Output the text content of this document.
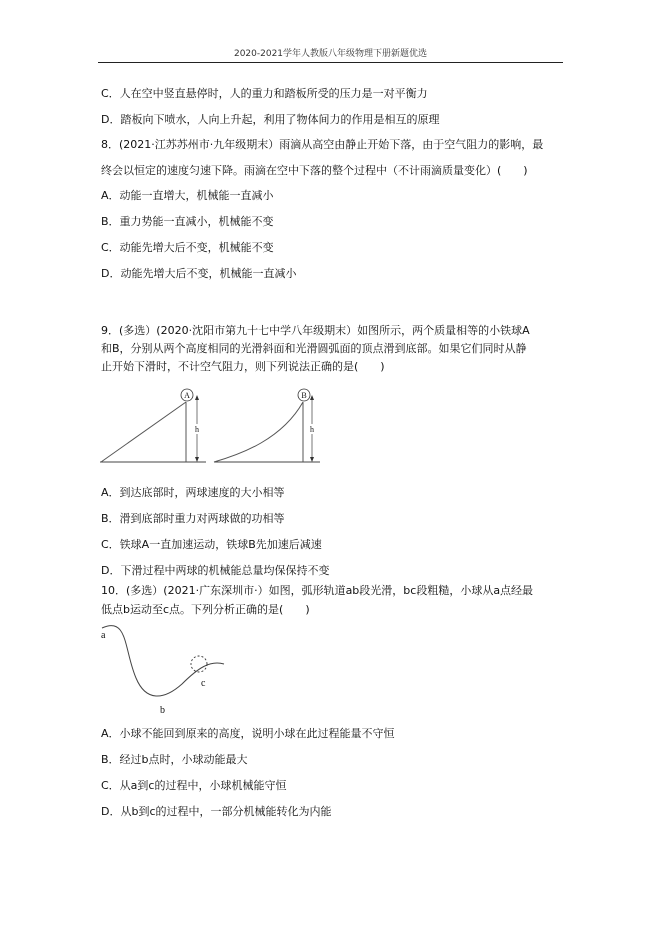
2020-2021学年人教版八年级物理下册新题优选
C．人在空中竖直悬停时，人的重力和踏板所受的压力是一对平衡力
D．踏板向下喷水，人向上升起，利用了物体间力的作用是相互的原理
8．(2021·江苏苏州市·九年级期末）雨滴从高空由静止开始下落，由于空气阻力的影响，最
终会以恒定的速度匀速下降。雨滴在空中下落的整个过程中（不计雨滴质量变化）(　　)
A．动能一直增大，机械能一直减小
B．重力势能一直减小，机械能不变
C．动能先增大后不变，机械能不变
D．动能先增大后不变，机械能一直减小
9．(多选）(2020·沈阳市第九十七中学八年级期末）如图所示，两个质量相等的小铁球A
和B，分别从两个高度相同的光滑斜面和光滑圆弧面的顶点滑到底部。如果它们同时从静
止开始下滑时，不计空气阻力，则下列说法正确的是(　　)
A
h
B
h
A．到达底部时，两球速度的大小相等
B．滑到底部时重力对两球做的功相等
C．铁球A一直加速运动，铁球B先加速后减速
D．下滑过程中两球的机械能总量均保保持不变
10．(多选）(2021·广东深圳市·）如图，弧形轨道ab段光滑，bc段粗糙，小球从a点经最
低点b运动至c点。下列分析正确的是(　　)
a
b
c
A．小球不能回到原来的高度，说明小球在此过程能量不守恒
B．经过b点时，小球动能最大
C．从a到c的过程中，小球机械能守恒
D．从b到c的过程中，一部分机械能转化为内能
